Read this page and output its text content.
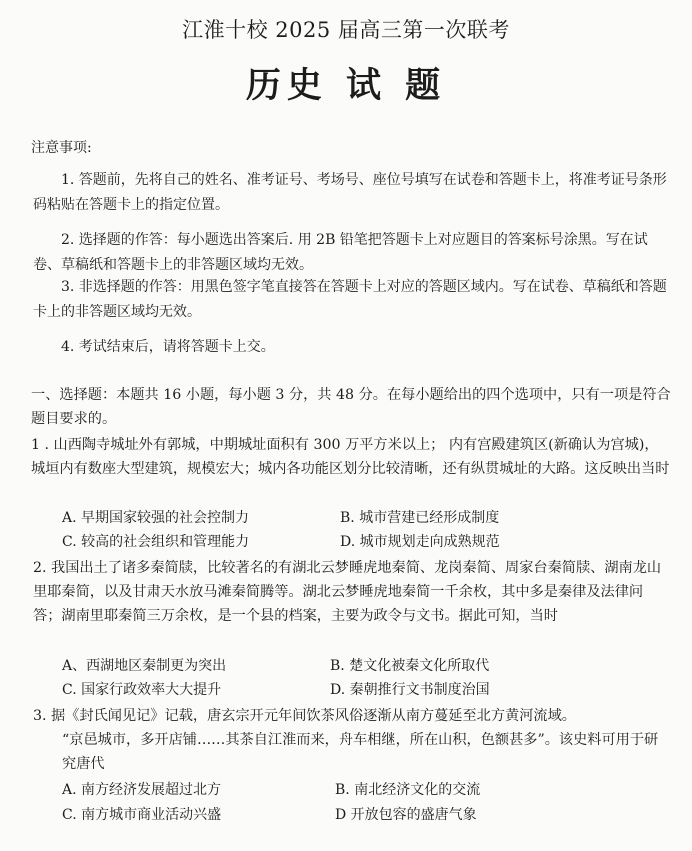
江淮十校 2025 届高三第一次联考
历史 试 题
注意事项:
1. 答题前，先将自己的姓名、准考证号、考场号、座位号填写在试卷和答题卡上，将准考证号条形码粘贴在答题卡上的指定位置。
2. 选择题的作答：每小题选出答案后. 用 2B 铅笔把答题卡上对应题目的答案标号涂黑。写在试卷、草稿纸和答题卡上的非答题区域均无效。
3. 非选择题的作答：用黑色签字笔直接答在答题卡上对应的答题区域内。写在试卷、草稿纸和答题卡上的非答题区域均无效。
4. 考试结束后，请将答题卡上交。
一、选择题：本题共 16 小题，每小题 3 分，共 48 分。在每小题给出的四个选项中，只有一项是符合题目要求的。
1 . 山西陶寺城址外有郭城，中期城址面积有 300 万平方米以上； 内有宫殿建筑区(新确认为宫城)，城垣内有数座大型建筑，规模宏大；城内各功能区划分比较清晰，还有纵贯城址的大路。这反映出当时
A. 早期国家较强的社会控制力	B. 城市营建已经形成制度
C. 较高的社会组织和管理能力	D. 城市规划走向成熟规范
2. 我国出土了诸多秦简牍，比较著名的有湖北云梦睡虎地秦简、龙岗秦简、周家台秦简牍、湖南龙山里耶秦简，以及甘肃天水放马滩秦简腾等。湖北云梦睡虎地秦简一千余枚，其中多是秦律及法律问答；湖南里耶秦简三万余枚，是一个县的档案，主要为政令与文书。据此可知，当时
A、西湖地区秦制更为突出	B. 楚文化被秦文化所取代
C. 国家行政效率大大提升	D. 秦朝推行文书制度治国
3. 据《封氏闻见记》记载，唐玄宗开元年间饮茶风俗逐渐从南方蔓延至北方黄河流域。
“京邑城市，多开店铺……其茶自江淮而来，舟车相继，所在山积，色额甚多”。该史料可用于研究唐代
A. 南方经济发展超过北方	B. 南北经济文化的交流
C. 南方城市商业活动兴盛	D 开放包容的盛唐气象
